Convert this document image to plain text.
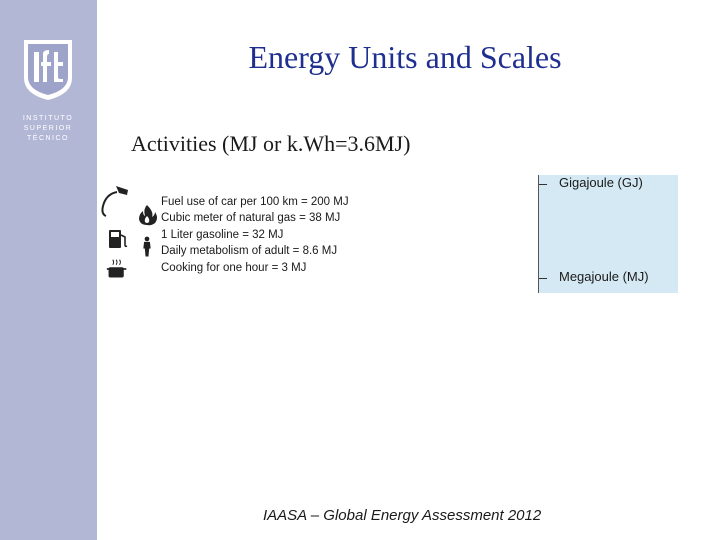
INSTITUTO
SUPERIOR
TÉCNICO
Energy Units and Scales
Activities (MJ or k.Wh=3.6MJ)
Fuel use of car per 100 km = 200 MJ
Cubic meter of natural gas = 38 MJ
1 Liter gasoline = 32 MJ
Daily metabolism of adult = 8.6 MJ
Cooking for one hour = 3 MJ
Gigajoule (GJ)
Megajoule (MJ)
IAASA – Global Energy Assessment 2012
